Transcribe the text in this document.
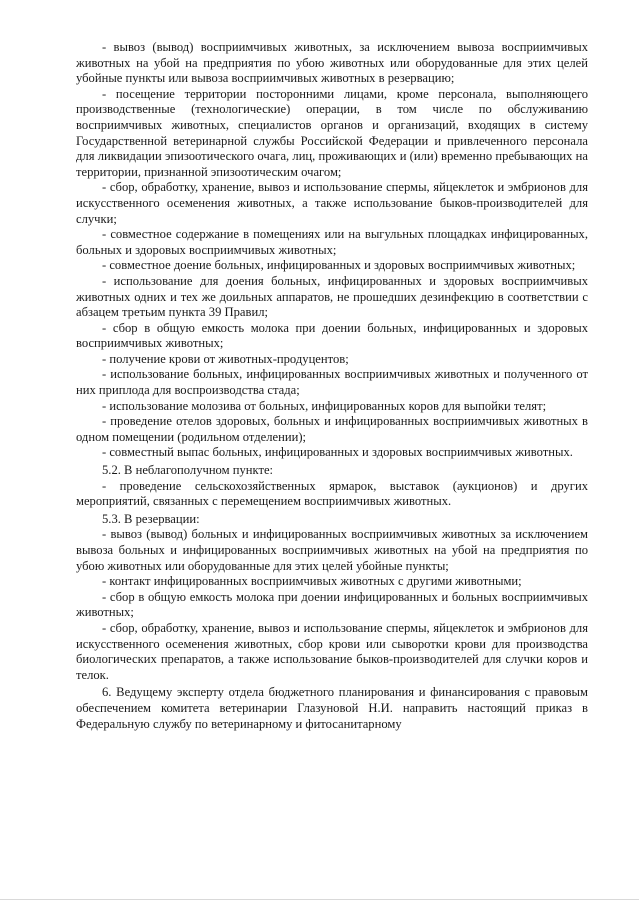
- вывоз (вывод) восприимчивых животных, за исключением вывоза восприимчивых животных на убой на предприятия по убою животных или оборудованные для этих целей убойные пункты или вывоза восприимчивых животных в резервацию;

- посещение территории посторонними лицами, кроме персонала, выполняющего производственные (технологические) операции, в том числе по обслуживанию восприимчивых животных, специалистов органов и организаций, входящих в систему Государственной ветеринарной службы Российской Федерации и привлеченного персонала для ликвидации эпизоотического очага, лиц, проживающих и (или) временно пребывающих на территории, признанной эпизоотическим очагом;

- сбор, обработку, хранение, вывоз и использование спермы, яйцеклеток и эмбрионов для искусственного осеменения животных, а также использование быков-производителей для случки;

- совместное содержание в помещениях или на выгульных площадках инфицированных, больных и здоровых восприимчивых животных;

- совместное доение больных, инфицированных и здоровых восприимчивых животных;

- использование для доения больных, инфицированных и здоровых восприимчивых животных одних и тех же доильных аппаратов, не прошедших дезинфекцию в соответствии с абзацем третьим пункта 39 Правил;

- сбор в общую емкость молока при доении больных, инфицированных и здоровых восприимчивых животных;

- получение крови от животных-продуцентов;

- использование больных, инфицированных восприимчивых животных и полученного от них приплода для воспроизводства стада;

- использование молозива от больных, инфицированных коров для выпойки телят;

- проведение отелов здоровых, больных и инфицированных восприимчивых животных в одном помещении (родильном отделении);

- совместный выпас больных, инфицированных и здоровых восприимчивых животных.

5.2. В неблагополучном пункте:

- проведение сельскохозяйственных ярмарок, выставок (аукционов) и других мероприятий, связанных с перемещением восприимчивых животных.

5.3. В резервации:

- вывоз (вывод) больных и инфицированных восприимчивых животных за исключением вывоза больных и инфицированных восприимчивых животных на убой на предприятия по убою животных или оборудованные для этих целей убойные пункты;

- контакт инфицированных восприимчивых животных с другими животными;

- сбор в общую емкость молока при доении инфицированных и больных восприимчивых животных;

- сбор, обработку, хранение, вывоз и использование спермы, яйцеклеток и эмбрионов для искусственного осеменения животных, сбор крови или сыворотки крови для производства биологических препаратов, а также использование быков-производителей для случки коров и телок.

6. Ведущему эксперту отдела бюджетного планирования и финансирования с правовым обеспечением комитета ветеринарии Глазуновой Н.И. направить настоящий приказ в Федеральную службу по ветеринарному и фитосанитарному
